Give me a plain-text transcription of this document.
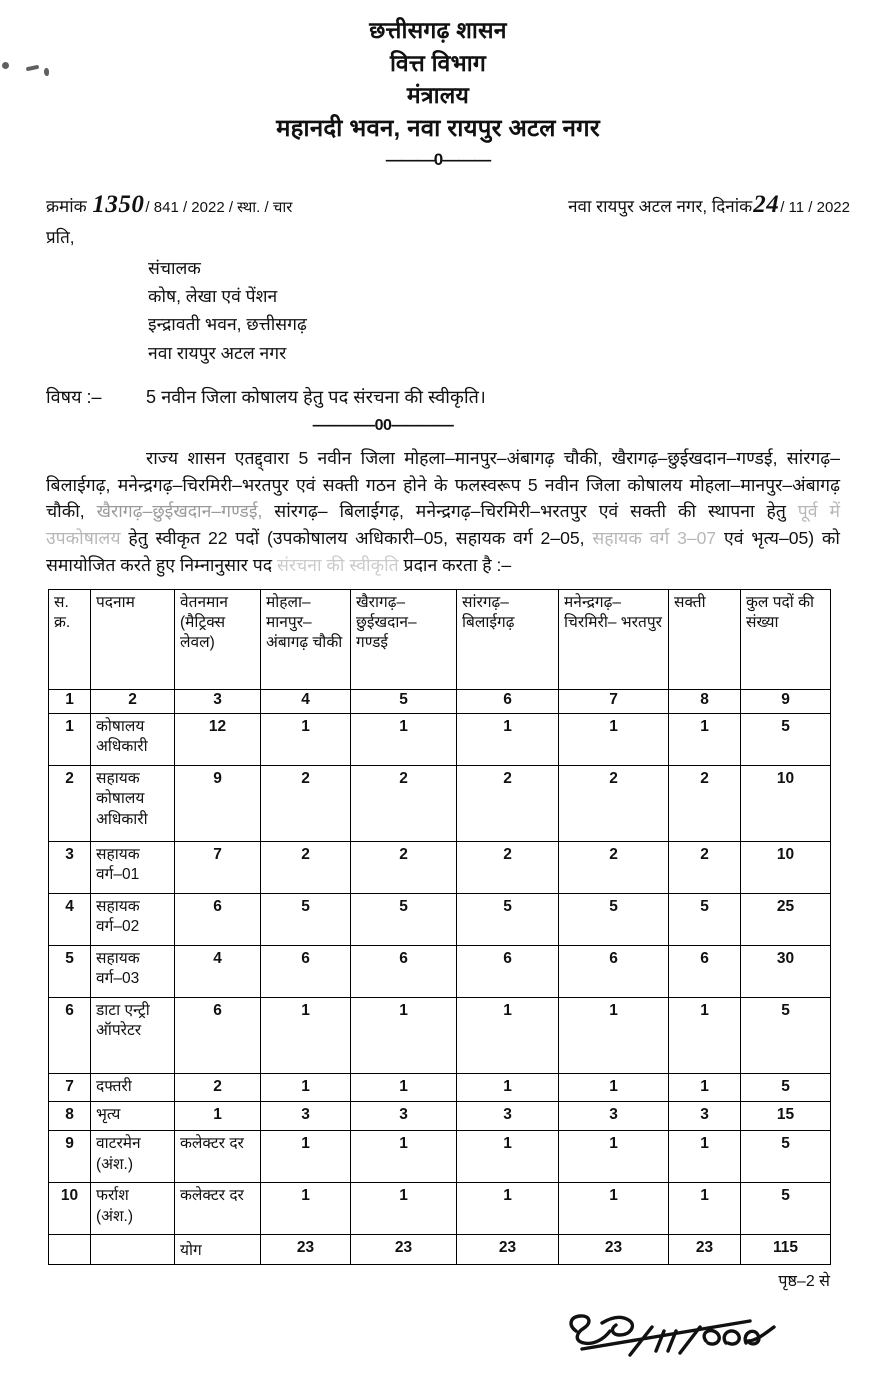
छत्तीसगढ़ शासन
वित्त विभाग
मंत्रालय
महानदी भवन, नवा रायपुर अटल नगर
———0———
क्रमांक 1350/ 841 / 2022 / स्था. / चार	नवा रायपुर अटल नगर, दिनांक24/ 11 / 2022
प्रति,
संचालक
कोष, लेखा एवं पेंशन
इन्द्रावती भवन, छत्तीसगढ़
नवा रायपुर अटल नगर
विषय :–	5 नवीन जिला कोषालय हेतु पद संरचना की स्वीकृति।
————00————

राज्य शासन एतद्द्वारा 5 नवीन जिला मोहला–मानपुर–अंबागढ़ चौकी, खैरागढ़–छुईखदान–गण्डई, सांरगढ़–बिलाईगढ़, मनेन्द्रगढ़–चिरमिरी–भरतपुर एवं सक्ती गठन होने के फलस्वरूप 5 नवीन जिला कोषालय मोहला–मानपुर–अंबागढ़ चौकी, खैरागढ़–छुईखदान–गण्डई, सांरगढ़– बिलाईगढ़, मनेन्द्रगढ़–चिरमिरी–भरतपुर एवं सक्ती की स्थापना हेतु पूर्व में उपकोषालय हेतु स्वीकृत 22 पदों (उपकोषालय अधिकारी–05, सहायक वर्ग 2–05, सहायक वर्ग 3–07 एवं भृत्य–05) को समायोजित करते हुए निम्नानुसार पद संरचना की स्वीकृति प्रदान करता है :–

स. क्र.	पदनाम	वेतनमान (मैट्रिक्स लेवल)	मोहला– मानपुर– अंबागढ़ चौकी	खैरागढ़– छुईखदान– गण्डई	सांरगढ़– बिलाईगढ़	मनेन्द्रगढ़– चिरमिरी– भरतपुर	सक्ती	कुल पदों की संख्या
1	2	3	4	5	6	7	8	9
1	कोषालय अधिकारी	12	1	1	1	1	1	5
2	सहायक कोषालय अधिकारी	9	2	2	2	2	2	10
3	सहायक वर्ग–01	7	2	2	2	2	2	10
4	सहायक वर्ग–02	6	5	5	5	5	5	25
5	सहायक वर्ग–03	4	6	6	6	6	6	30
6	डाटा एन्ट्री ऑपरेटर	6	1	1	1	1	1	5
7	दफ्तरी	2	1	1	1	1	1	5
8	भृत्य	1	3	3	3	3	3	15
9	वाटरमेन (अंश.)	कलेक्टर दर	1	1	1	1	1	5
10	फर्राश (अंश.)	कलेक्टर दर	1	1	1	1	1	5
		योग	23	23	23	23	23	115
पृष्ठ–2 से
